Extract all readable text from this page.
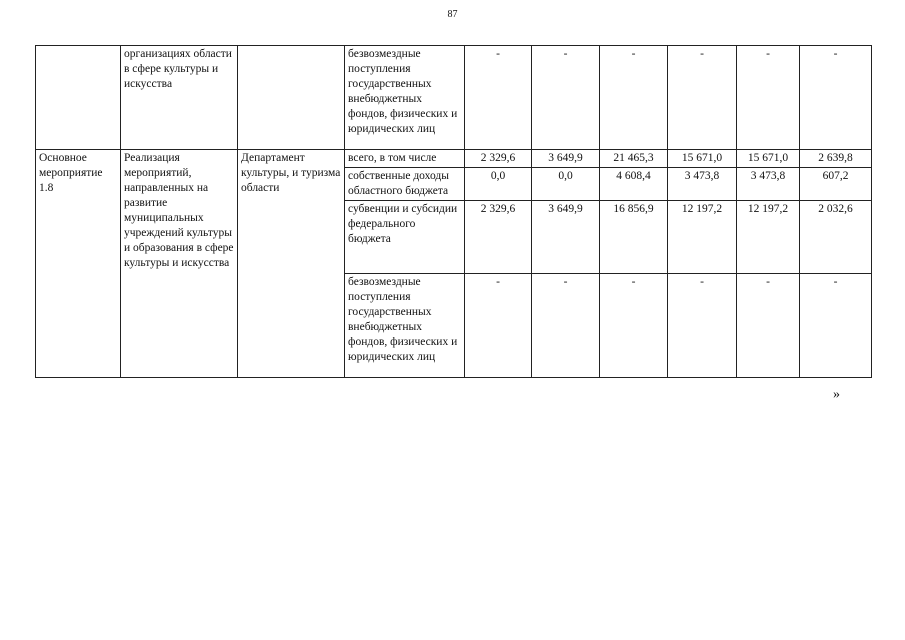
87
	организациях области в сфере культуры и искусства		безвозмездные поступления государственных внебюджетных фондов, физических и юридических лиц	-	-	-	-	-	-
Основное мероприятие 1.8	Реализация мероприятий, направленных на развитие муниципальных учреждений культуры и образования в сфере культуры и искусства	Департамент культуры, и туризма области	всего, в том числе	2 329,6	3 649,9	21 465,3	15 671,0	15 671,0	2 639,8
			собственные доходы областного бюджета	0,0	0,0	4 608,4	3 473,8	3 473,8	607,2
			субвенции и субсидии федерального бюджета	2 329,6	3 649,9	16 856,9	12 197,2	12 197,2	2 032,6
			безвозмездные поступления государственных внебюджетных фондов, физических и юридических лиц	-	-	-	-	-	-
»
